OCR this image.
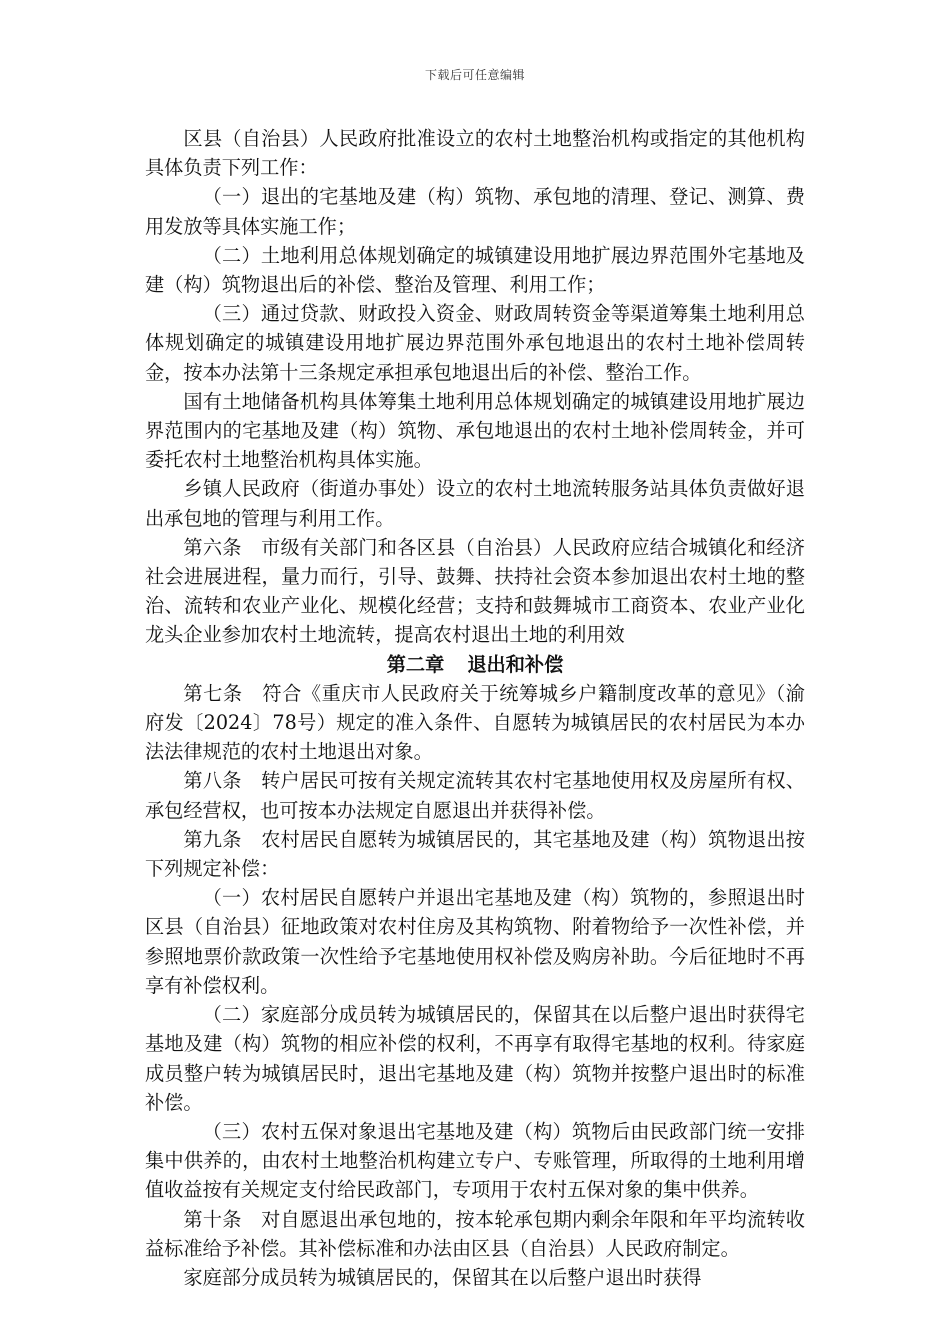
下载后可任意编辑

区县（自治县）人民政府批准设立的农村土地整治机构或指定的其他机构具体负责下列工作：

（一）退出的宅基地及建（构）筑物、承包地的清理、登记、测算、费用发放等具体实施工作；

（二）土地利用总体规划确定的城镇建设用地扩展边界范围外宅基地及建（构）筑物退出后的补偿、整治及管理、利用工作；

（三）通过贷款、财政投入资金、财政周转资金等渠道筹集土地利用总体规划确定的城镇建设用地扩展边界范围外承包地退出的农村土地补偿周转金，按本办法第十三条规定承担承包地退出后的补偿、整治工作。

国有土地储备机构具体筹集土地利用总体规划确定的城镇建设用地扩展边界范围内的宅基地及建（构）筑物、承包地退出的农村土地补偿周转金，并可委托农村土地整治机构具体实施。

乡镇人民政府（街道办事处）设立的农村土地流转服务站具体负责做好退出承包地的管理与利用工作。

第六条　市级有关部门和各区县（自治县）人民政府应结合城镇化和经济社会进展进程，量力而行，引导、鼓舞、扶持社会资本参加退出农村土地的整治、流转和农业产业化、规模化经营；支持和鼓舞城市工商资本、农业产业化龙头企业参加农村土地流转，提高农村退出土地的利用效

第二章 退出和补偿

第七条　符合《重庆市人民政府关于统筹城乡户籍制度改革的意见》（渝府发〔2024〕78号）规定的准入条件、自愿转为城镇居民的农村居民为本办法法律规范的农村土地退出对象。

第八条　转户居民可按有关规定流转其农村宅基地使用权及房屋所有权、承包经营权，也可按本办法规定自愿退出并获得补偿。

第九条　农村居民自愿转为城镇居民的，其宅基地及建（构）筑物退出按下列规定补偿：

（一）农村居民自愿转户并退出宅基地及建（构）筑物的，参照退出时区县（自治县）征地政策对农村住房及其构筑物、附着物给予一次性补偿，并参照地票价款政策一次性给予宅基地使用权补偿及购房补助。今后征地时不再享有补偿权利。

（二）家庭部分成员转为城镇居民的，保留其在以后整户退出时获得宅基地及建（构）筑物的相应补偿的权利，不再享有取得宅基地的权利。待家庭成员整户转为城镇居民时，退出宅基地及建（构）筑物并按整户退出时的标准补偿。

（三）农村五保对象退出宅基地及建（构）筑物后由民政部门统一安排集中供养的，由农村土地整治机构建立专户、专账管理，所取得的土地利用增值收益按有关规定支付给民政部门，专项用于农村五保对象的集中供养。

第十条　对自愿退出承包地的，按本轮承包期内剩余年限和年平均流转收益标准给予补偿。其补偿标准和办法由区县（自治县）人民政府制定。

家庭部分成员转为城镇居民的，保留其在以后整户退出时获得
